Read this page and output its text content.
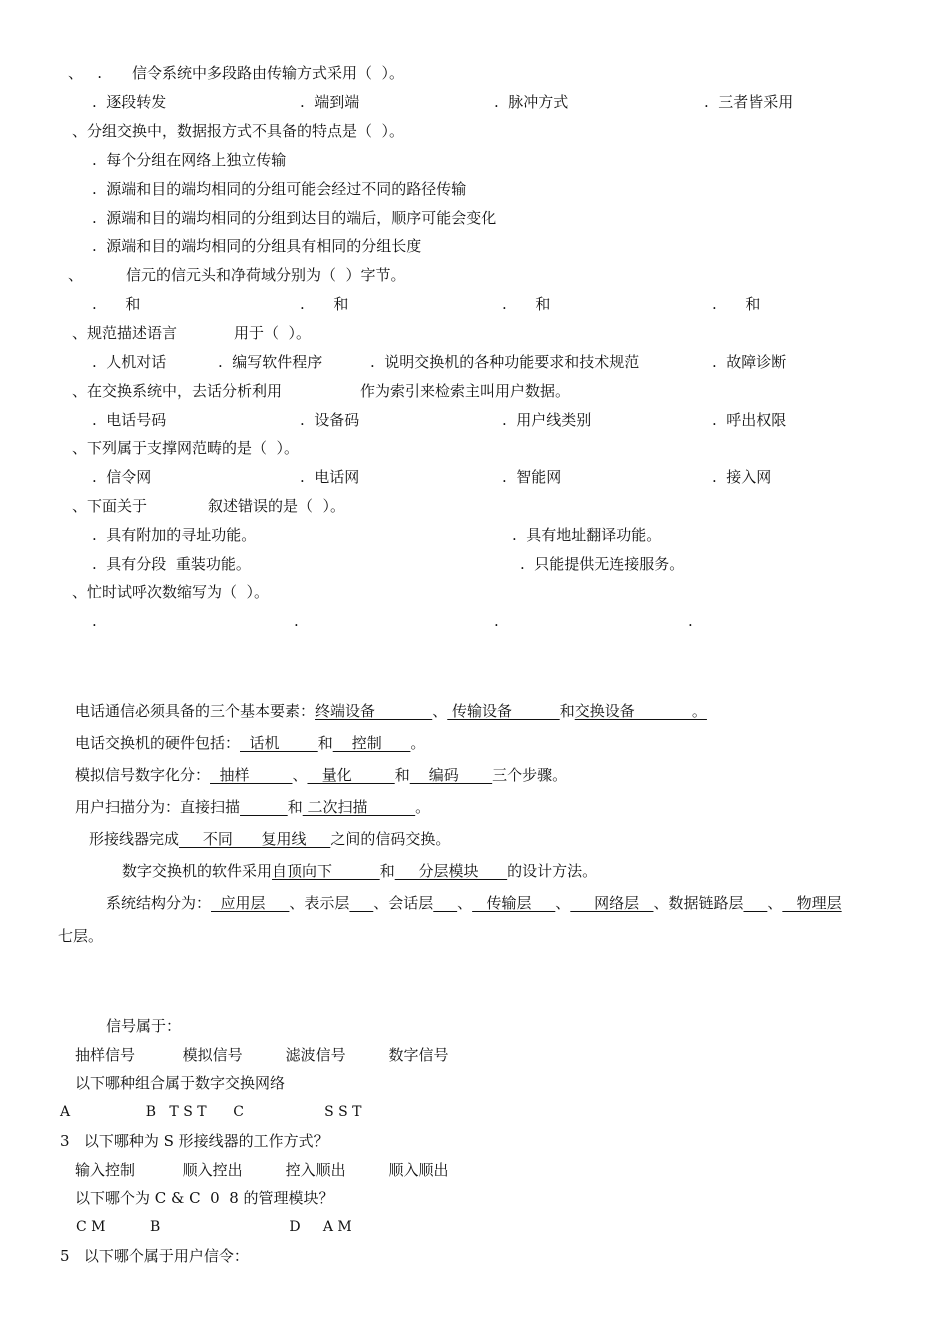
、   . 信令系统中多段路由传输方式采用（  ）。
.  逐段转发	.  端到端	.  脉冲方式	.  三者皆采用
、分组交换中，数据报方式不具备的特点是（  ）。
.  每个分组在网络上独立传输
.  源端和目的端均相同的分组可能会经过不同的路径传输
.  源端和目的端均相同的分组到达目的端后，顺序可能会变化
.  源端和目的端均相同的分组具有相同的分组长度
、	信元的信元头和净荷域分别为（  ）字节。
.      和	.      和	.      和	.      和
、规范描述语言	用于（  ）。
.  人机对话	.  编写软件程序	.  说明交换机的各种功能要求和技术规范	.  故障诊断
、在交换系统中，去话分析利用	作为索引来检索主叫用户数据。
.  电话号码	.  设备码	.  用户线类别	.  呼出权限
、下列属于支撑网范畴的是（  ）。
.  信令网	.  电话网	.  智能网	.  接入网
、下面关于	叙述错误的是（  ）。
.  具有附加的寻址功能。	.  具有地址翻译功能。
.  具有分段  重装功能。	.  只能提供无连接服务。
、忙时试呼次数缩写为（  ）。
.	.	.	.
电话通信必须具备的三个基本要素：终端设备            、 传输设备          和交换设备            。
电话交换机的硬件包括：  话机        和    控制      。
模拟信号数字化分：  抽样         、   量化         和    编码       三个步骤。
用户扫描分为：直接扫描	和 二次扫描          。
形接线器完成     不同      复用线     之间的信码交换。
数字交换机的软件采用自顶向下          和     分层模块      的设计方法。
系统结构分为：  应用层     、表示层 、会话层 、   传输层     、     网络层   、数据链路层 、   物理层
七层。
信号属于：
抽样信号          模拟信号         滤波信号         数字信号
以下哪种组合属于数字交换网络
A                 B   T S T      C                  S S T
3   以下哪种为 S 形接线器的工作方式？
输入控制          顺入控出         控入顺出         顺入顺出
以下哪个为 C & C  0  8 的管理模块？
C M          B                             D     A M
5   以下哪个属于用户信令：
